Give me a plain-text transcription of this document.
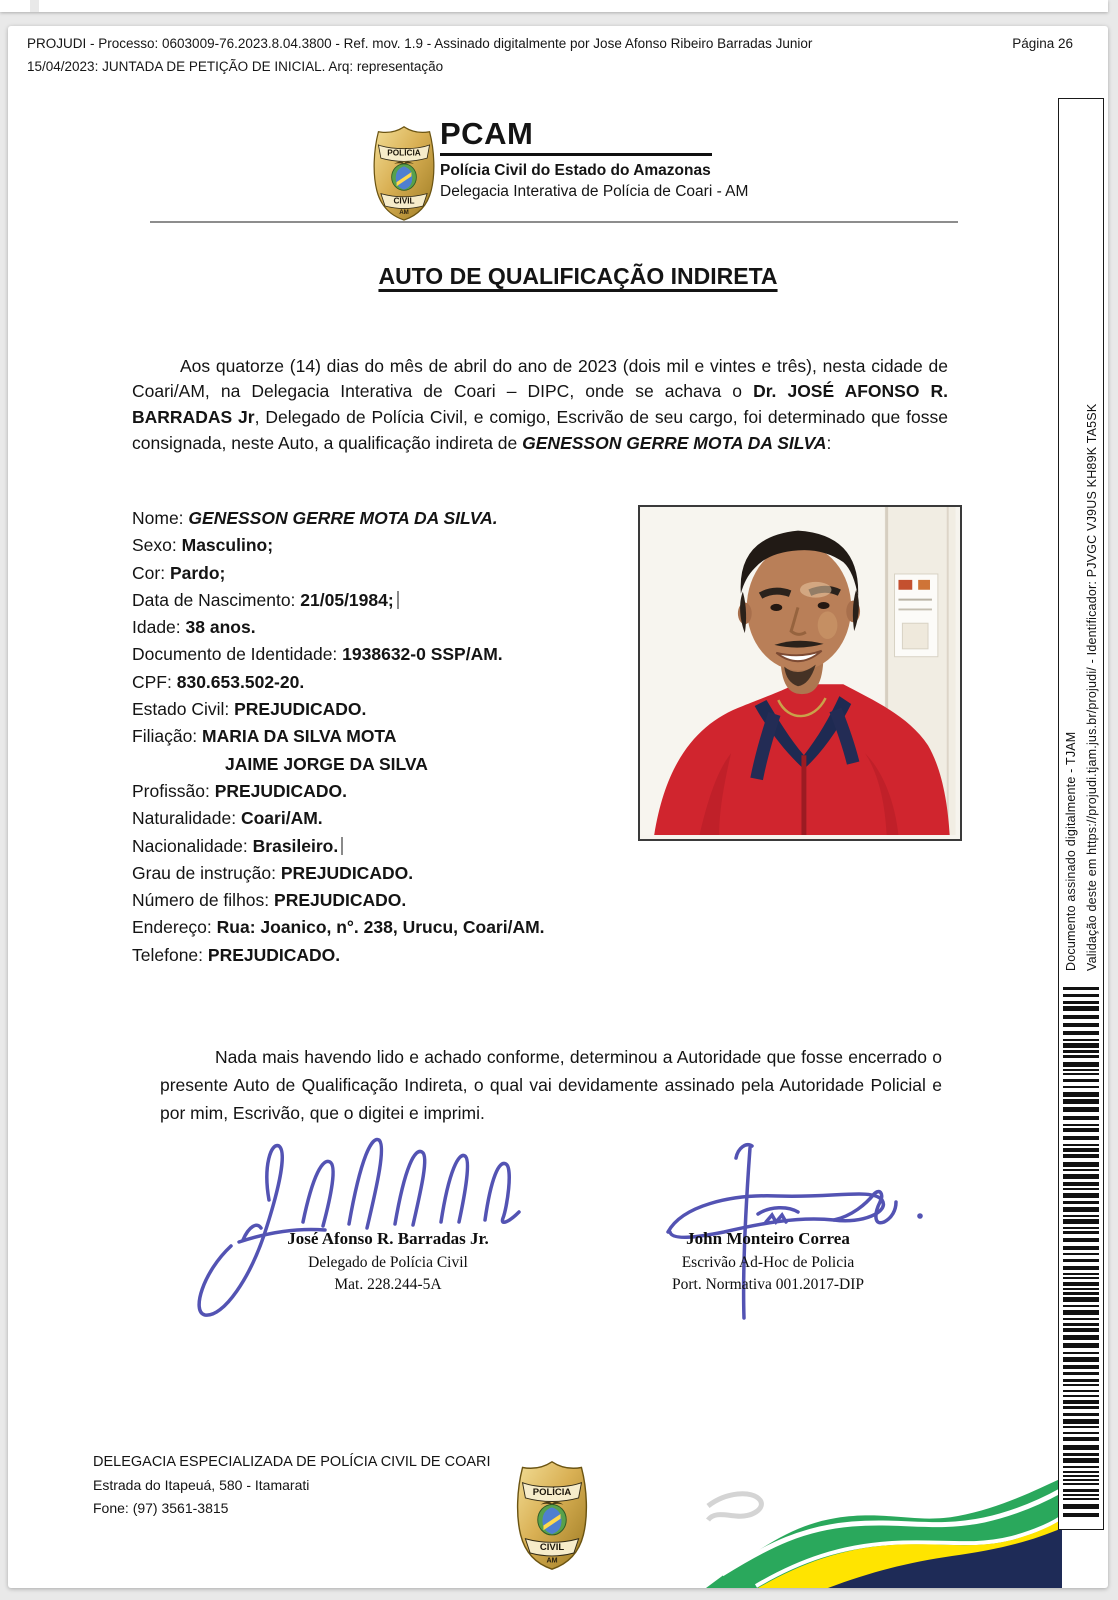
PROJUDI - Processo: 0603009-76.2023.8.04.3800 - Ref. mov. 1.9 - Assinado digitalmente por Jose Afonso Ribeiro Barradas Junior	Página 26
15/04/2023: JUNTADA DE PETIÇÃO DE INICIAL. Arq: representação
POLÍCIA
CIVIL
AM
PCAM
Polícia Civil do Estado do Amazonas
Delegacia Interativa de Polícia de Coari - AM
AUTO DE QUALIFICAÇÃO INDIRETA

Aos quatorze (14) dias do mês de abril do ano de 2023 (dois mil e vintes e três), nesta cidade de Coari/AM, na Delegacia Interativa de Coari – DIPC, onde se achava o Dr. JOSÉ AFONSO R. BARRADAS Jr, Delegado de Polícia Civil, e comigo, Escrivão de seu cargo, foi determinado que fosse consignada, neste Auto, a qualificação indireta de GENESSON GERRE MOTA DA SILVA:

Nome: GENESSON GERRE MOTA DA SILVA.
Sexo: Masculino;
Cor: Pardo;
Data de Nascimento: 21/05/1984;
Idade: 38 anos.
Documento de Identidade: 1938632-0 SSP/AM.
CPF: 830.653.502-20.
Estado Civil: PREJUDICADO.
Filiação: MARIA DA SILVA MOTA
JAIME JORGE DA SILVA
Profissão: PREJUDICADO.
Naturalidade: Coari/AM.
Nacionalidade: Brasileiro.
Grau de instrução: PREJUDICADO.
Número de filhos: PREJUDICADO.
Endereço: Rua: Joanico, n°. 238, Urucu, Coari/AM.
Telefone: PREJUDICADO.

Nada mais havendo lido e achado conforme, determinou a Autoridade que fosse encerrado o presente Auto de Qualificação Indireta, o qual vai devidamente assinado pela Autoridade Policial e por mim, Escrivão, que o digitei e imprimi.

José Afonso R. Barradas Jr.
Delegado de Polícia Civil
Mat. 228.244-5A
John Monteiro Correa
Escrivão Ad-Hoc de Policia
Port. Normativa 001.2017-DIP
DELEGACIA ESPECIALIZADA DE POLÍCIA CIVIL DE COARI
Estrada do Itapeuá, 580 - Itamarati
Fone: (97) 3561-3815
POLÍCIA
CIVIL
AM
Documento assinado digitalmente - TJAM Validação deste em https://projudi.tjam.jus.br/projudi/ - Identificador: PJVGC VJ9US KH89K TA5SK
